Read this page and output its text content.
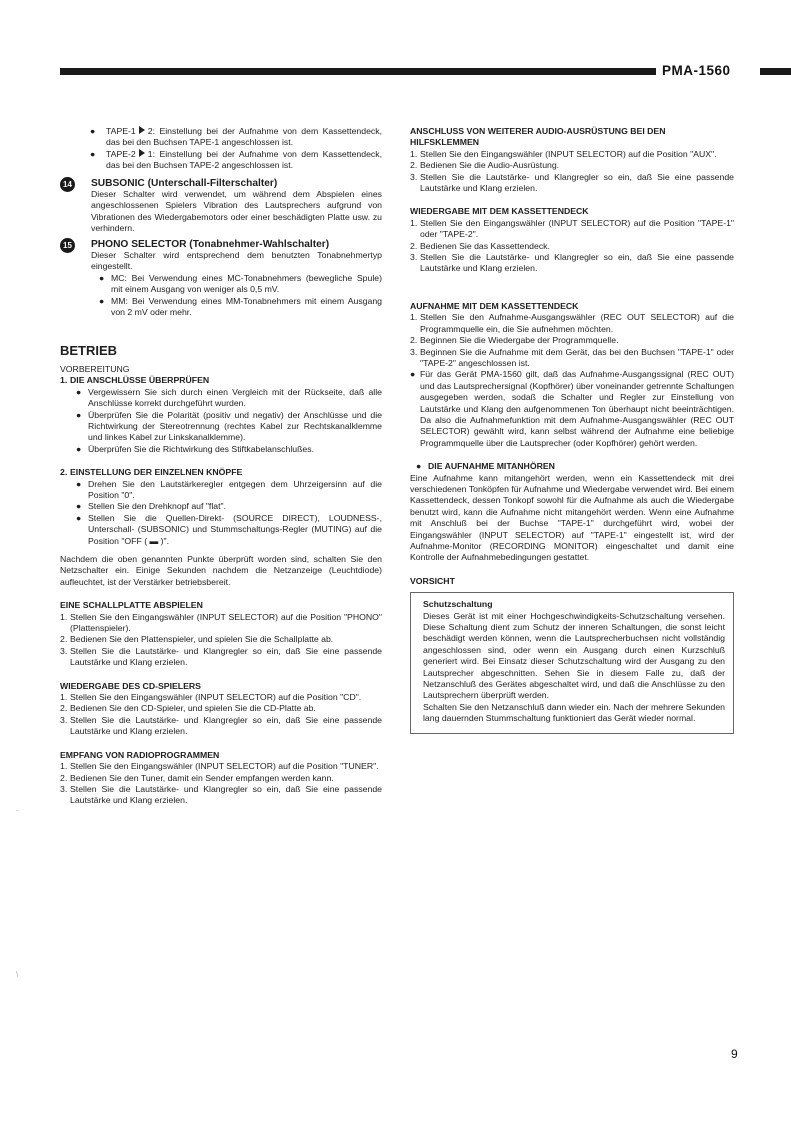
PMA-1560
● TAPE-1 2: Einstellung bei der Aufnahme von dem Kassettendeck, das bei den Buchsen TAPE-1 angeschlossen ist.
● TAPE-2 1: Einstellung bei der Aufnahme von dem Kassettendeck, das bei den Buchsen TAPE-2 angeschlossen ist.
14 SUBSONIC (Unterschall-Filterschalter)

Dieser Schalter wird verwendet, um während dem Abspielen eines angeschlossenen Spielers Vibration des Lautsprechers aufgrund von Vibrationen des Wiedergabemotors oder einer beschädigten Platte usw. zu verhindern.

15 PHONO SELECTOR (Tonabnehmer-Wahlschalter)

Dieser Schalter wird entsprechend dem benutzten Tonabnehmertyp eingestellt.

● MC: Bei Verwendung eines MC-Tonabnehmers (bewegliche Spule) mit einem Ausgang von weniger als 0,5 mV.
● MM: Bei Verwendung eines MM-Tonabnehmers mit einem Ausgang von 2 mV oder mehr.
BETRIEB
VORBEREITUNG
1. DIE ANSCHLÜSSE ÜBERPRÜFEN
● Vergewissern Sie sich durch einen Vergleich mit der Rückseite, daß alle Anschlüsse korrekt durchgeführt wurden.
● Überprüfen Sie die Polarität (positiv und negativ) der Anschlüsse und die Richtwirkung der Stereotrennung (rechtes Kabel zur Rechtskanalklemme und linkes Kabel zur Linkskanalklemme).
● Überprüfen Sie die Richtwirkung des Stiftkabelanschlußes.
2. EINSTELLUNG DER EINZELNEN KNÖPFE
● Drehen Sie den Lautstärkeregler entgegen dem Uhrzeigersinn auf die Position "0".
● Stellen Sie den Drehknopf auf "flat".
● Stellen Sie die Quellen-Direkt- (SOURCE DIRECT), LOUDNESS-, Unterschall- (SUBSONIC) und Stummschaltungs-Regler (MUTING) auf die Position "OFF ( ▬ )".

Nachdem die oben genannten Punkte überprüft worden sind, schalten Sie den Netzschalter ein. Einige Sekunden nachdem die Netzanzeige (Leuchtdiode) aufleuchtet, ist der Verstärker betriebsbereit.

EINE SCHALLPLATTE ABSPIELEN
1. Stellen Sie den Eingangswähler (INPUT SELECTOR) auf die Position "PHONO" (Plattenspieler).
2. Bedienen Sie den Plattenspieler, und spielen Sie die Schallplatte ab.
3. Stellen Sie die Lautstärke- und Klangregler so ein, daß Sie eine passende Lautstärke und Klang erzielen.
WIEDERGABE DES CD-SPIELERS
1. Stellen Sie den Eingangswähler (INPUT SELECTOR) auf die Position "CD".
2. Bedienen Sie den CD-Spieler, und spielen Sie die CD-Platte ab.
3. Stellen Sie die Lautstärke- und Klangregler so ein, daß Sie eine passende Lautstärke und Klang erzielen.
EMPFANG VON RADIOPROGRAMMEN
1. Stellen Sie den Eingangswähler (INPUT SELECTOR) auf die Position "TUNER".
2. Bedienen Sie den Tuner, damit ein Sender empfangen werden kann.
3. Stellen Sie die Lautstärke- und Klangregler so ein, daß Sie eine passende Lautstärke und Klang erzielen.
ANSCHLUSS VON WEITERER AUDIO-AUSRÜSTUNG BEI DEN HILFSKLEMMEN
1. Stellen Sie den Eingangswähler (INPUT SELECTOR) auf die Position "AUX".
2. Bedienen Sie die Audio-Ausrüstung.
3. Stellen Sie die Lautstärke- und Klangregler so ein, daß Sie eine passende Lautstärke und Klang erzielen.
WIEDERGABE MIT DEM KASSETTENDECK
1. Stellen Sie den Eingangswähler (INPUT SELECTOR) auf die Position "TAPE-1" oder "TAPE-2".
2. Bedienen Sie das Kassettendeck.
3. Stellen Sie die Lautstärke- und Klangregler so ein, daß Sie eine passende Lautstärke und Klang erzielen.
AUFNAHME MIT DEM KASSETTENDECK
1. Stellen Sie den Aufnahme-Ausgangswähler (REC OUT SELECTOR) auf die Programmquelle ein, die Sie aufnehmen möchten.
2. Beginnen Sie die Wiedergabe der Programmquelle.
3. Beginnen Sie die Aufnahme mit dem Gerät, das bei den Buchsen "TAPE-1" oder "TAPE-2" angeschlossen ist.
● Für das Gerät PMA-1560 gilt, daß das Aufnahme-Ausgangssignal (REC OUT) und das Lautsprechersignal (Kopfhörer) über voneinander getrennte Schaltungen ausgegeben werden, sodaß die Schalter und Regler zur Einstellung von Lautstärke und Klang den aufgenommenen Ton überhaupt nicht beeinträchtigen. Da also die Aufnahmefunktion mit dem Aufnahme-Ausgangswähler (REC OUT SELECTOR) gewählt wird, kann selbst während der Aufnahme eine beliebige Programmquelle über die Lautsprecher (oder Kopfhörer) gehört werden.
● DIE AUFNAHME MITANHÖREN

Eine Aufnahme kann mitangehört werden, wenn ein Kassettendeck mit drei verschiedenen Tonköpfen für Aufnahme und Wiedergabe verwendet wird. Bei einem Kassettendeck, dessen Tonkopf sowohl für die Aufnahme als auch die Wiedergabe benutzt wird, kann die Aufnahme nicht mitangehört werden. Wenn eine Aufnahme mit Anschluß bei der Buchse "TAPE-1" durchgeführt wird, wobei der Eingangswähler (INPUT SELECTOR) auf "TAPE-1" eingestellt ist, wird der Aufnahme-Monitor (RECORDING MONITOR) eingeschaltet und damit eine Kontrolle der Aufnahmebedingungen gestattet.

VORSICHT
Schutzschaltung

Dieses Gerät ist mit einer Hochgeschwindigkeits-Schutzschaltung versehen. Diese Schaltung dient zum Schutz der inneren Schaltungen, die sonst leicht beschädigt werden können, wenn die Lautsprecherbuchsen nicht vollständig angeschlossen sind, oder wenn ein Ausgang durch einen Kurzschluß generiert wird. Bei Einsatz dieser Schutzschaltung wird der Ausgang zu den Lautsprecher abgeschnitten. Sehen Sie in diesem Falle zu, daß der Netzanschluß des Gerätes abgeschaltet wird, und daß die Anschlüsse zu den Lautsprechern überprüft werden.

Schalten Sie den Netzanschluß dann wieder ein. Nach der mehrere Sekunden lang dauernden Stummschaltung funktioniert das Gerät wieder normal.

9
-
\
